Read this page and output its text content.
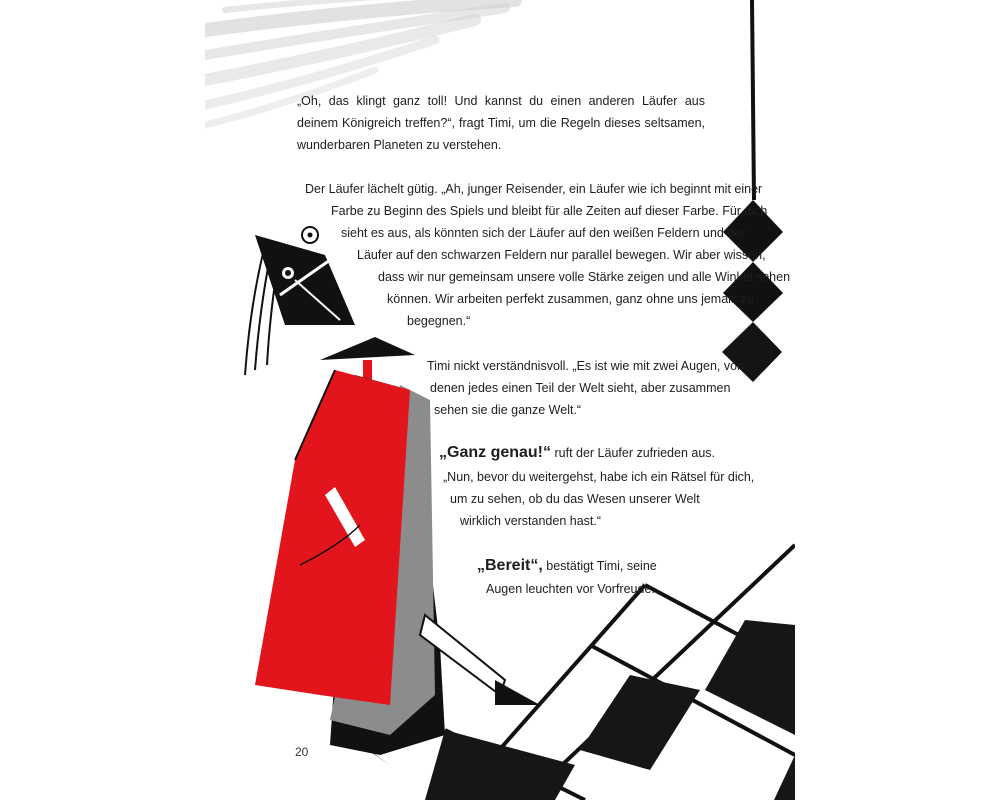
„Oh, das klingt ganz toll! Und kannst du einen anderen Läufer aus deinem Königreich treffen?“, fragt Timi, um die Regeln dieses seltsamen, wunderbaren Planeten zu verstehen.
Der Läufer lächelt gütig. „Ah, junger Reisender, ein Läufer wie ich beginnt mit einer
Farbe zu Beginn des Spiels und bleibt für alle Zeiten auf dieser Farbe. Für dich
sieht es aus, als könnten sich der Läufer auf den weißen Feldern und der
Läufer auf den schwarzen Feldern nur parallel bewegen. Wir aber wissen,
dass wir nur gemeinsam unsere volle Stärke zeigen und alle Winkel sehen
können. Wir arbeiten perfekt zusammen, ganz ohne uns jemals zu
begegnen.“
Timi nickt verständnisvoll. „Es ist wie mit zwei Augen, von
denen jedes einen Teil der Welt sieht, aber zusammen
sehen sie die ganze Welt.“
„Ganz genau!“ ruft der Läufer zufrieden aus.
„Nun, bevor du weitergehst, habe ich ein Rätsel für dich,
um zu sehen, ob du das Wesen unserer Welt
wirklich verstanden hast.“
„Bereit“, bestätigt Timi, seine
Augen leuchten vor Vorfreude.
20
